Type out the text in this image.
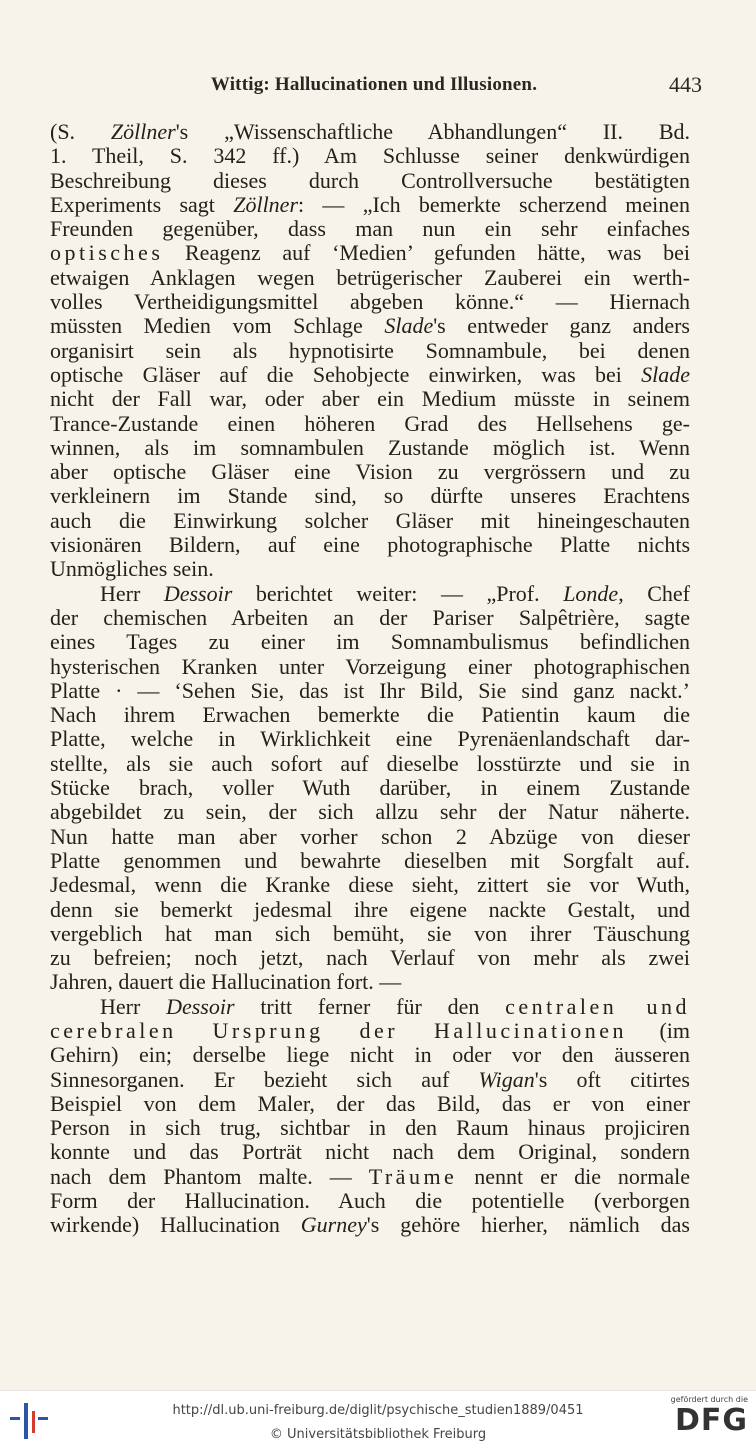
Wittig: Hallucinationen und Illusionen.	443
(S. Zöllner's „Wissenschaftliche Abhandlungen“ II. Bd.
1. Theil, S. 342 ff.) Am Schlusse seiner denkwürdigen
Beschreibung dieses durch Controllversuche bestätigten
Experiments sagt Zöllner: — „Ich bemerkte scherzend meinen
Freunden gegenüber, dass man nun ein sehr einfaches
optisches Reagenz auf ‘Medien’ gefunden hätte, was bei
etwaigen Anklagen wegen betrügerischer Zauberei ein werth-
volles Vertheidigungsmittel abgeben könne.“ — Hiernach
müssten Medien vom Schlage Slade's entweder ganz anders
organisirt sein als hypnotisirte Somnambule, bei denen
optische Gläser auf die Sehobjecte einwirken, was bei Slade
nicht der Fall war, oder aber ein Medium müsste in seinem
Trance-Zustande einen höheren Grad des Hellsehens ge-
winnen, als im somnambulen Zustande möglich ist. Wenn
aber optische Gläser eine Vision zu vergrössern und zu
verkleinern im Stande sind, so dürfte unseres Erachtens
auch die Einwirkung solcher Gläser mit hineingeschauten
visionären Bildern, auf eine photographische Platte nichts
Unmögliches sein.
Herr Dessoir berichtet weiter: — „Prof. Londe, Chef
der chemischen Arbeiten an der Pariser Salpêtrière, sagte
eines Tages zu einer im Somnambulismus befindlichen
hysterischen Kranken unter Vorzeigung einer photographischen
Platte · — ‘Sehen Sie, das ist Ihr Bild, Sie sind ganz nackt.’
Nach ihrem Erwachen bemerkte die Patientin kaum die
Platte, welche in Wirklichkeit eine Pyrenäenlandschaft dar-
stellte, als sie auch sofort auf dieselbe losstürzte und sie in
Stücke brach, voller Wuth darüber, in einem Zustande
abgebildet zu sein, der sich allzu sehr der Natur näherte.
Nun hatte man aber vorher schon 2 Abzüge von dieser
Platte genommen und bewahrte dieselben mit Sorgfalt auf.
Jedesmal, wenn die Kranke diese sieht, zittert sie vor Wuth,
denn sie bemerkt jedesmal ihre eigene nackte Gestalt, und
vergeblich hat man sich bemüht, sie von ihrer Täuschung
zu befreien; noch jetzt, nach Verlauf von mehr als zwei
Jahren, dauert die Hallucination fort. —
Herr Dessoir tritt ferner für den centralen und
cerebralen Ursprung der Hallucinationen (im
Gehirn) ein; derselbe liege nicht in oder vor den äusseren
Sinnesorganen. Er bezieht sich auf Wigan's oft citirtes
Beispiel von dem Maler, der das Bild, das er von einer
Person in sich trug, sichtbar in den Raum hinaus projiciren
konnte und das Porträt nicht nach dem Original, sondern
nach dem Phantom malte. — Träume nennt er die normale
Form der Hallucination. Auch die potentielle (verborgen
wirkende) Hallucination Gurney's gehöre hierher, nämlich das
http://dl.ub.uni-freiburg.de/diglit/psychische_studien1889/0451
© Universitätsbibliothek Freiburg
gefördert durch die
DFG
